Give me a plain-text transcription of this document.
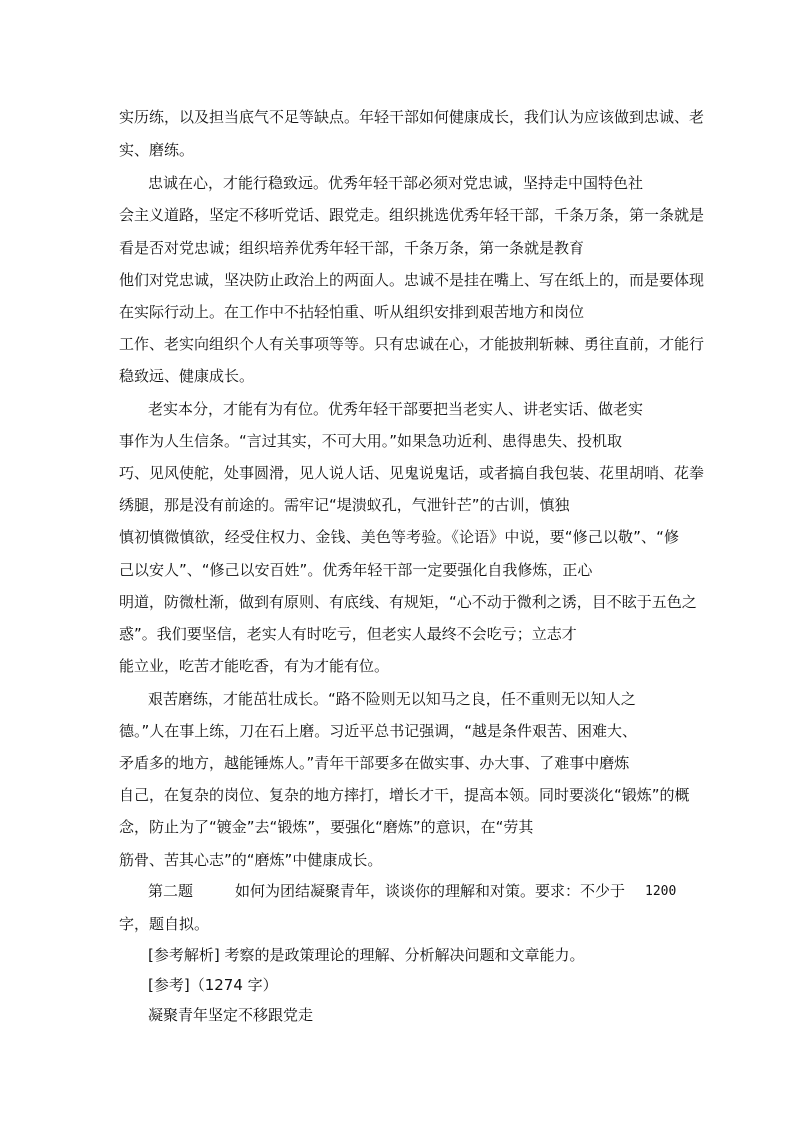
实历练，以及担当底气不足等缺点。年轻干部如何健康成长，我们认为应该做到忠诚、老
实、磨练。
忠诚在心，才能行稳致远。优秀年轻干部必须对党忠诚，坚持走中国特色社
会主义道路，坚定不移听党话、跟党走。组织挑选优秀年轻干部，千条万条，第一条就是
看是否对党忠诚；组织培养优秀年轻干部，千条万条，第一条就是教育
他们对党忠诚，坚决防止政治上的两面人。忠诚不是挂在嘴上、写在纸上的，而是要体现
在实际行动上。在工作中不拈轻怕重、听从组织安排到艰苦地方和岗位
工作、老实向组织个人有关事项等等。只有忠诚在心，才能披荆斩棘、勇往直前，才能行
稳致远、健康成长。
老实本分，才能有为有位。优秀年轻干部要把当老实人、讲老实话、做老实
事作为人生信条。“言过其实，不可大用。”如果急功近利、患得患失、投机取
巧、见风使舵，处事圆滑，见人说人话、见鬼说鬼话，或者搞自我包装、花里胡哨、花拳
绣腿，那是没有前途的。需牢记“堤溃蚁孔，气泄针芒”的古训，慎独
慎初慎微慎欲，经受住权力、金钱、美色等考验。《论语》中说，要“修己以敬”、“修
己以安人”、“修己以安百姓”。优秀年轻干部一定要强化自我修炼，正心
明道，防微杜渐，做到有原则、有底线、有规矩，“心不动于微利之诱，目不眩于五色之
惑”。我们要坚信，老实人有时吃亏，但老实人最终不会吃亏；立志才
能立业，吃苦才能吃香，有为才能有位。
艰苦磨练，才能茁壮成长。“路不险则无以知马之良，任不重则无以知人之
德。”人在事上练，刀在石上磨。习近平总书记强调，“越是条件艰苦、困难大、
矛盾多的地方，越能锤炼人。”青年干部要多在做实事、办大事、了难事中磨炼
自己，在复杂的岗位、复杂的地方摔打，增长才干，提高本领。同时要淡化“锻炼”的概
念，防止为了“镀金”去“锻炼”，要强化“磨炼”的意识，在“劳其
筋骨、苦其心志”的“磨炼”中健康成长。
第二题	如何为团结凝聚青年，谈谈你的理解和对策。要求：不少于 1200
字，题自拟。
[参考解析] 考察的是政策理论的理解、分析解决问题和文章能力。
[参考]（1274 字）
凝聚青年坚定不移跟党走
